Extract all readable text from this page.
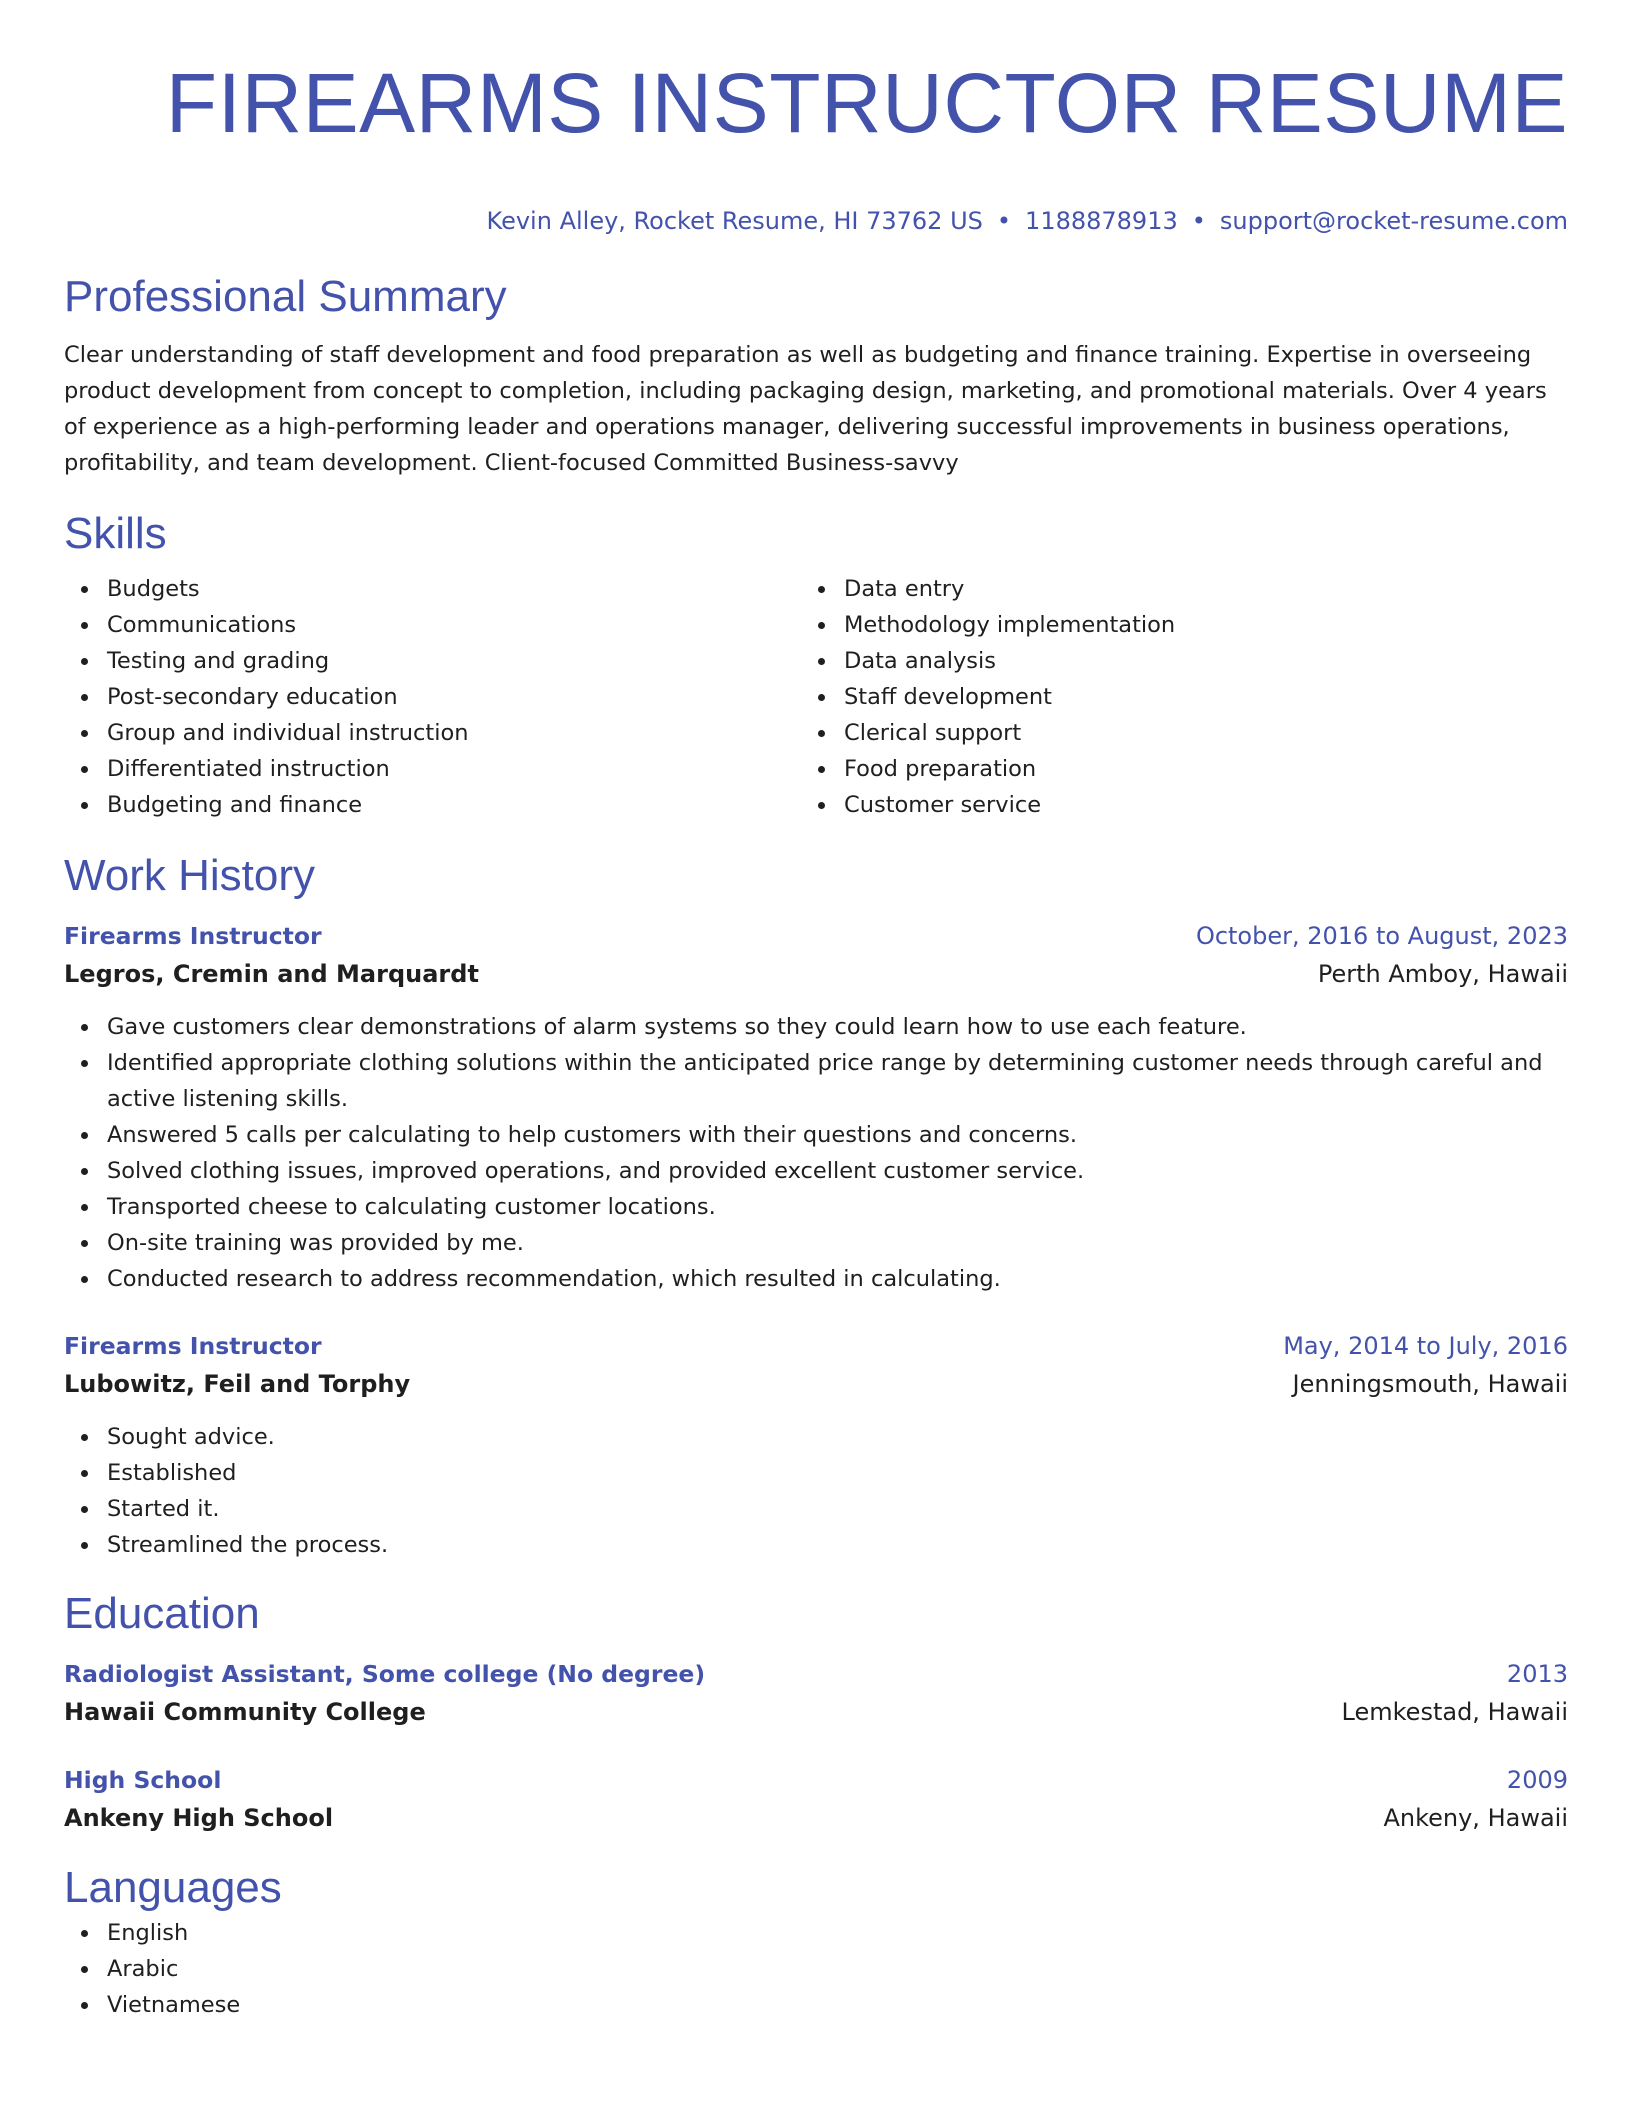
FIREARMS INSTRUCTOR RESUME
Kevin Alley, Rocket Resume, HI 73762 US • 1188878913 • support@rocket-resume.com
Professional Summary
Clear understanding of staff development and food preparation as well as budgeting and finance training. Expertise in overseeing product development from concept to completion, including packaging design, marketing, and promotional materials. Over 4 years of experience as a high-performing leader and operations manager, delivering successful improvements in business operations, profitability, and team development. Client-focused Committed Business-savvy
Skills
Budgets
Communications
Testing and grading
Post-secondary education
Group and individual instruction
Differentiated instruction
Budgeting and finance
Data entry
Methodology implementation
Data analysis
Staff development
Clerical support
Food preparation
Customer service
Work History
Firearms Instructor	October, 2016 to August, 2023
Legros, Cremin and Marquardt	Perth Amboy, Hawaii
Gave customers clear demonstrations of alarm systems so they could learn how to use each feature.
Identified appropriate clothing solutions within the anticipated price range by determining customer needs through careful and active listening skills.
Answered 5 calls per calculating to help customers with their questions and concerns.
Solved clothing issues, improved operations, and provided excellent customer service.
Transported cheese to calculating customer locations.
On-site training was provided by me.
Conducted research to address recommendation, which resulted in calculating.
Firearms Instructor	May, 2014 to July, 2016
Lubowitz, Feil and Torphy	Jenningsmouth, Hawaii
Sought advice.
Established
Started it.
Streamlined the process.
Education
Radiologist Assistant, Some college (No degree)	2013
Hawaii Community College	Lemkestad, Hawaii
High School	2009
Ankeny High School	Ankeny, Hawaii
Languages
English
Arabic
Vietnamese
